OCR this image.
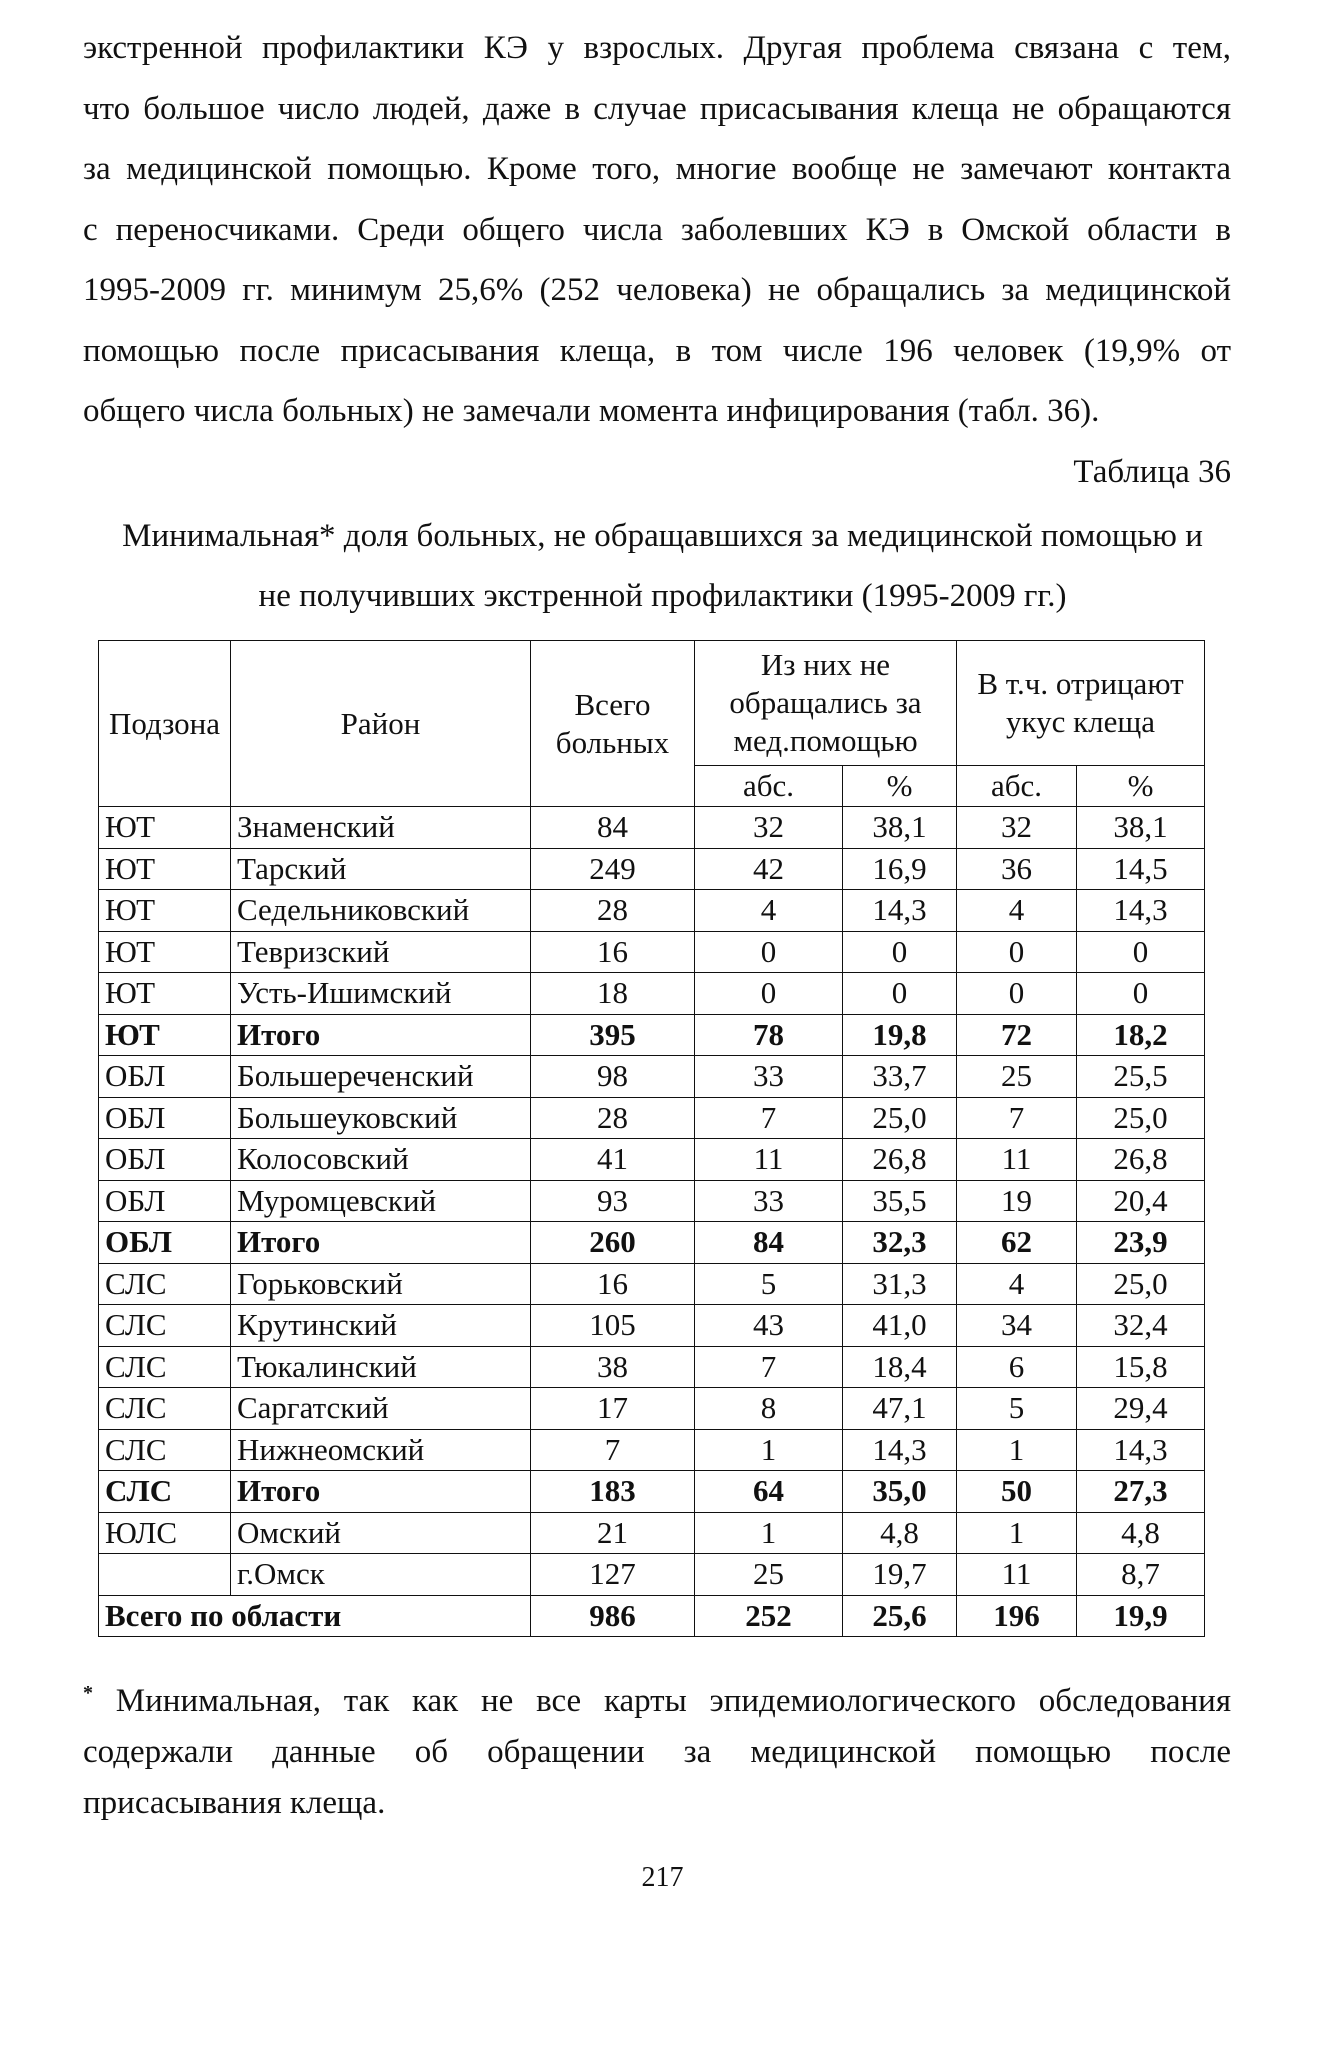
экстренной профилактики КЭ у взрослых. Другая проблема связана с тем,
что большое число людей, даже в случае присасывания клеща не обращаются
за медицинской помощью. Кроме того, многие вообще не замечают контакта
с переносчиками. Среди общего числа заболевших КЭ в Омской области в
1995-2009 гг. минимум 25,6% (252 человека) не обращались за медицинской
помощью после присасывания клеща, в том числе 196 человек (19,9% от
общего числа больных) не замечали момента инфицирования (табл. 36).

Таблица 36

Минимальная* доля больных, не обращавшихся за медицинской помощью и
не получивших экстренной профилактики (1995-2009 гг.)
Подзона	Район	Всего больных	Из них не обращались за мед.помощью		В т.ч. отрицают укус клеща	
			абс.	%	абс.	%
ЮТ	Знаменский	84	32	38,1	32	38,1
ЮТ	Тарский	249	42	16,9	36	14,5
ЮТ	Седельниковский	28	4	14,3	4	14,3
ЮТ	Тевризский	16	0	0	0	0
ЮТ	Усть-Ишимский	18	0	0	0	0
ЮТ	Итого	395	78	19,8	72	18,2
ОБЛ	Большереченский	98	33	33,7	25	25,5
ОБЛ	Большеуковский	28	7	25,0	7	25,0
ОБЛ	Колосовский	41	11	26,8	11	26,8
ОБЛ	Муромцевский	93	33	35,5	19	20,4
ОБЛ	Итого	260	84	32,3	62	23,9
СЛС	Горьковский	16	5	31,3	4	25,0
СЛС	Крутинский	105	43	41,0	34	32,4
СЛС	Тюкалинский	38	7	18,4	6	15,8
СЛС	Саргатский	17	8	47,1	5	29,4
СЛС	Нижнеомский	7	1	14,3	1	14,3
СЛС	Итого	183	64	35,0	50	27,3
ЮЛС	Омский	21	1	4,8	1	4,8
	г.Омск	127	25	19,7	11	8,7
Всего по области		986	252	25,6	196	19,9
* Минимальная, так как не все карты эпидемиологического обследования
содержали данные об обращении за медицинской помощью после
присасывания клеща.

217
